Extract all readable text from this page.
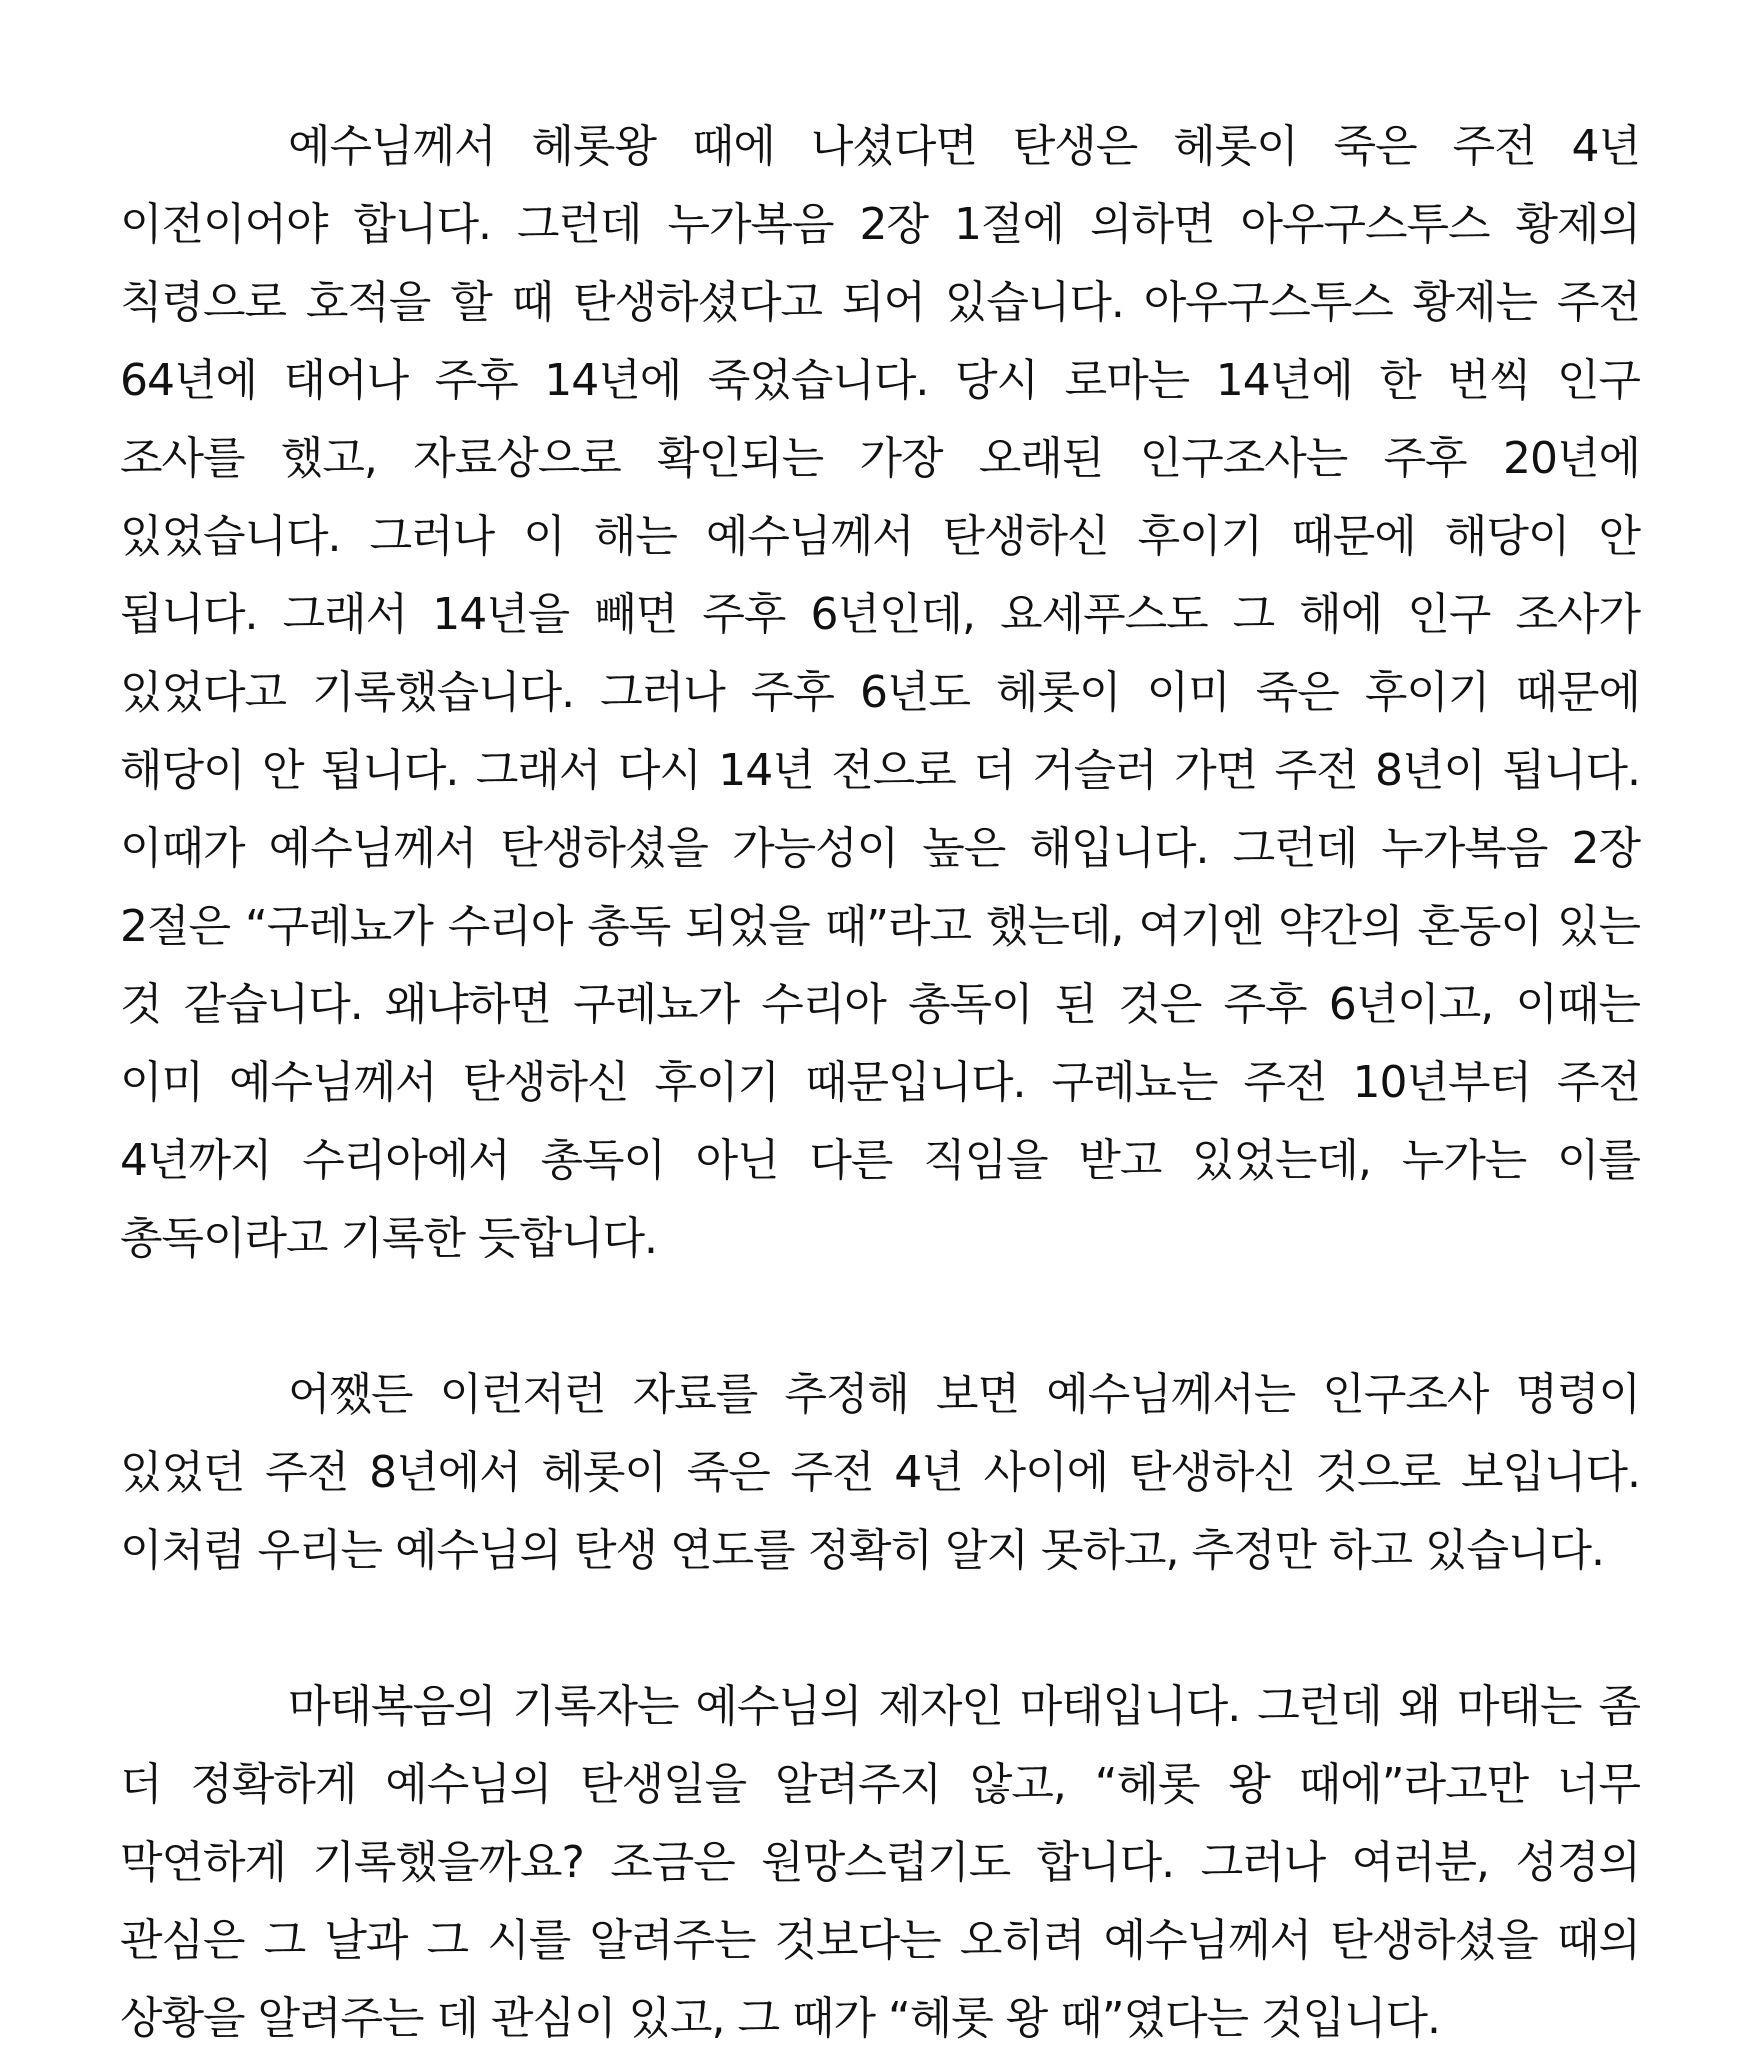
예수님께서 헤롯왕 때에 나셨다면 탄생은 헤롯이 죽은 주전 4년 이전이어야 합니다. 그런데 누가복음 2장 1절에 의하면 아우구스투스 황제의 칙령으로 호적을 할 때 탄생하셨다고 되어 있습니다. 아우구스투스 황제는 주전 64년에 태어나 주후 14년에 죽었습니다. 당시 로마는 14년에 한 번씩 인구 조사를 했고, 자료상으로 확인되는 가장 오래된 인구조사는 주후 20년에 있었습니다. 그러나 이 해는 예수님께서 탄생하신 후이기 때문에 해당이 안 됩니다. 그래서 14년을 빼면 주후 6년인데, 요세푸스도 그 해에 인구 조사가 있었다고 기록했습니다. 그러나 주후 6년도 헤롯이 이미 죽은 후이기 때문에 해당이 안 됩니다. 그래서 다시 14년 전으로 더 거슬러 가면 주전 8년이 됩니다. 이때가 예수님께서 탄생하셨을 가능성이 높은 해입니다. 그런데 누가복음 2장 2절은 “구레뇨가 수리아 총독 되었을 때”라고 했는데, 여기엔 약간의 혼동이 있는 것 같습니다. 왜냐하면 구레뇨가 수리아 총독이 된 것은 주후 6년이고, 이때는 이미 예수님께서 탄생하신 후이기 때문입니다. 구레뇨는 주전 10년부터 주전 4년까지 수리아에서 총독이 아닌 다른 직임을 받고 있었는데, 누가는 이를 총독이라고 기록한 듯합니다.

어쨌든 이런저런 자료를 추정해 보면 예수님께서는 인구조사 명령이 있었던 주전 8년에서 헤롯이 죽은 주전 4년 사이에 탄생하신 것으로 보입니다. 이처럼 우리는 예수님의 탄생 연도를 정확히 알지 못하고, 추정만 하고 있습니다.

마태복음의 기록자는 예수님의 제자인 마태입니다. 그런데 왜 마태는 좀 더 정확하게 예수님의 탄생일을 알려주지 않고, “헤롯 왕 때에”라고만 너무 막연하게 기록했을까요? 조금은 원망스럽기도 합니다. 그러나 여러분, 성경의 관심은 그 날과 그 시를 알려주는 것보다는 오히려 예수님께서 탄생하셨을 때의 상황을 알려주는 데 관심이 있고, 그 때가 “헤롯 왕 때”였다는 것입니다.
